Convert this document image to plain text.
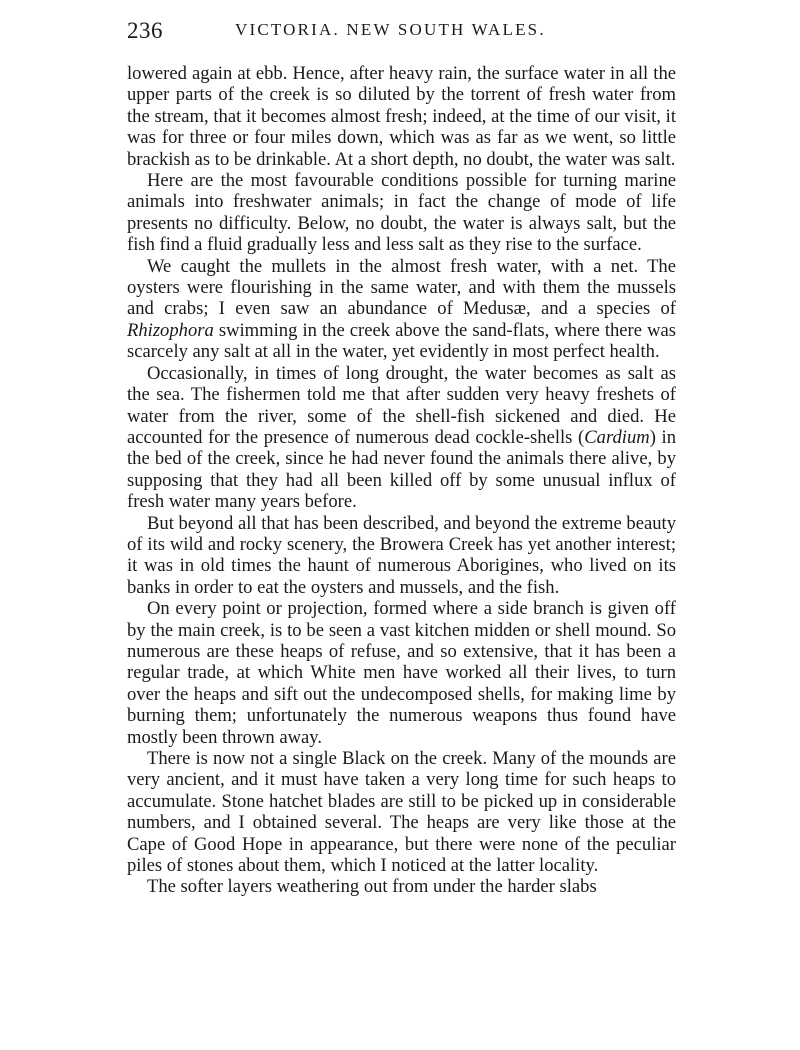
236	VICTORIA. NEW SOUTH WALES.

lowered again at ebb. Hence, after heavy rain, the surface water in all the upper parts of the creek is so diluted by the torrent of fresh water from the stream, that it becomes almost fresh; indeed, at the time of our visit, it was for three or four miles down, which was as far as we went, so little brackish as to be drinkable. At a short depth, no doubt, the water was salt.

Here are the most favourable conditions possible for turning marine animals into freshwater animals; in fact the change of mode of life presents no difficulty. Below, no doubt, the water is always salt, but the fish find a fluid gradually less and less salt as they rise to the surface.

We caught the mullets in the almost fresh water, with a net. The oysters were flourishing in the same water, and with them the mussels and crabs; I even saw an abundance of Medusæ, and a species of Rhizophora swimming in the creek above the sand-flats, where there was scarcely any salt at all in the water, yet evidently in most perfect health.

Occasionally, in times of long drought, the water becomes as salt as the sea. The fishermen told me that after sudden very heavy freshets of water from the river, some of the shell-fish sickened and died. He accounted for the presence of numerous dead cockle-shells (Cardium) in the bed of the creek, since he had never found the animals there alive, by supposing that they had all been killed off by some unusual influx of fresh water many years before.

But beyond all that has been described, and beyond the extreme beauty of its wild and rocky scenery, the Browera Creek has yet another interest; it was in old times the haunt of numerous Aborigines, who lived on its banks in order to eat the oysters and mussels, and the fish.

On every point or projection, formed where a side branch is given off by the main creek, is to be seen a vast kitchen midden or shell mound. So numerous are these heaps of refuse, and so extensive, that it has been a regular trade, at which White men have worked all their lives, to turn over the heaps and sift out the undecomposed shells, for making lime by burning them; unfortunately the numerous weapons thus found have mostly been thrown away.

There is now not a single Black on the creek. Many of the mounds are very ancient, and it must have taken a very long time for such heaps to accumulate. Stone hatchet blades are still to be picked up in considerable numbers, and I obtained several. The heaps are very like those at the Cape of Good Hope in appearance, but there were none of the peculiar piles of stones about them, which I noticed at the latter locality.

The softer layers weathering out from under the harder slabs
